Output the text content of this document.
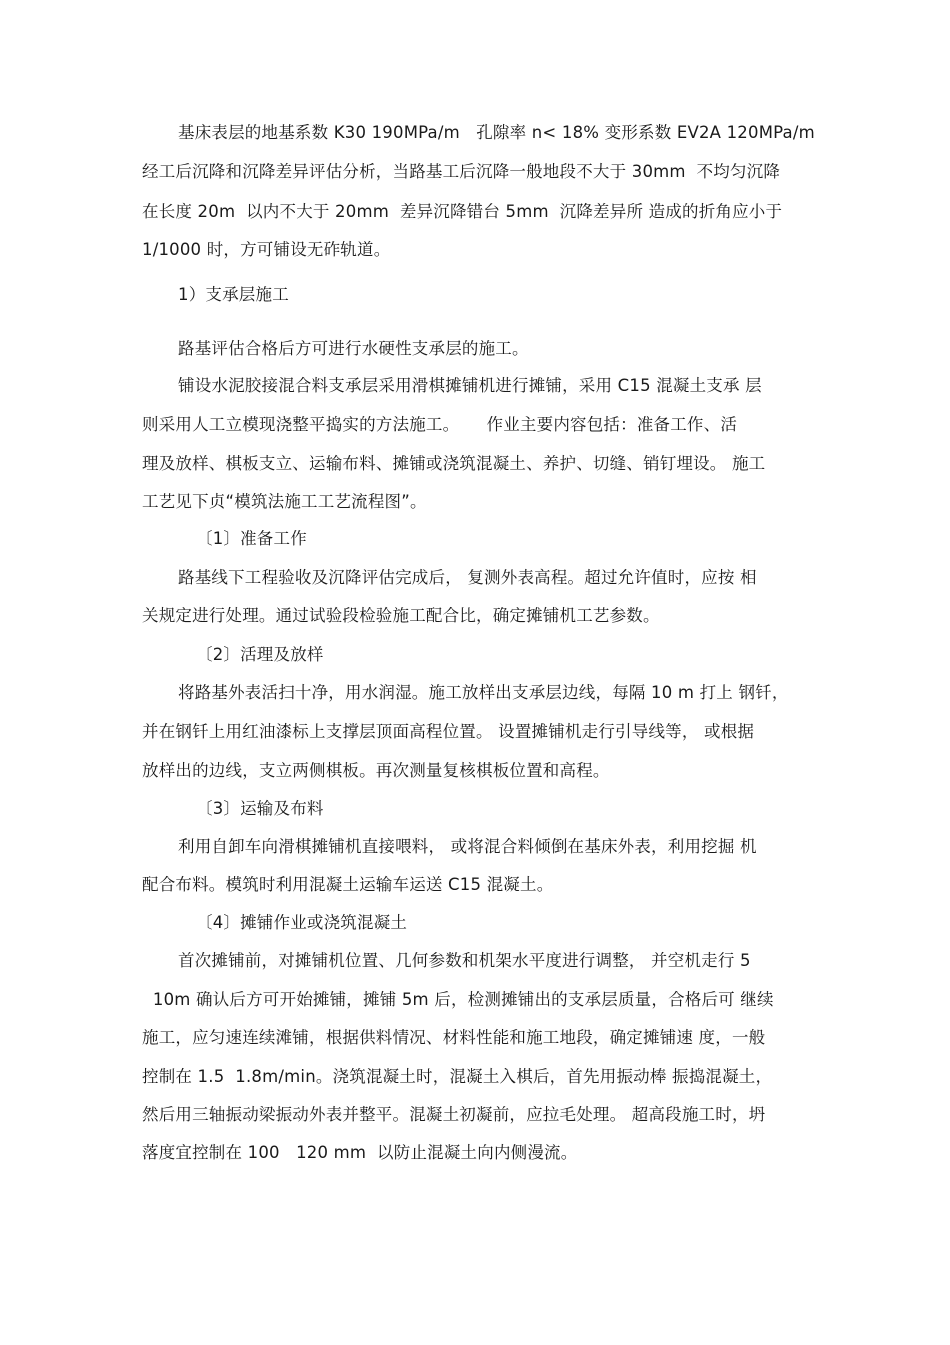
基床表层的地基系数 K30 190MPa/m   孔隙率 n< 18% 变形系数 EV2A 120MPa/m
经工后沉降和沉降差异评估分析，当路基工后沉降一般地段不大于 30mm  不均匀沉降
在长度 20m  以内不大于 20mm  差异沉降错台 5mm  沉降差异所 造成的折角应小于
1/1000 时，方可铺设无砟轨道。
1）支承层施工
路基评估合格后方可进行水硬性支承层的施工。
铺设水泥胶接混合料支承层采用滑棋摊铺机进行摊铺，采用 C15 混凝土支承 层
则采用人工立模现浇整平捣实的方法施工。     作业主要内容包括：准备工作、活
理及放样、棋板支立、运输布料、摊铺或浇筑混凝土、养护、切缝、销钉埋设。 施工
工艺见下贞“模筑法施工工艺流程图”。
〔1〕准备工作
路基线下工程验收及沉降评估完成后， 复测外表高程。超过允许值时，应按 相
关规定进行处理。通过试验段检验施工配合比，确定摊铺机工艺参数。
〔2〕活理及放样
将路基外表活扫十净，用水润湿。施工放样出支承层边线，每隔 10 m 打上 钢钎，
并在钢钎上用红油漆标上支撑层顶面高程位置。 设置摊铺机走行引导线等， 或根据
放样出的边线，支立两侧棋板。再次测量复核棋板位置和高程。
〔3〕运输及布料
利用自卸车向滑棋摊铺机直接喂料， 或将混合料倾倒在基床外表，利用挖掘 机
配合布料。模筑时利用混凝土运输车运送 C15 混凝土。
〔4〕摊铺作业或浇筑混凝土
首次摊铺前，对摊铺机位置、几何参数和机架水平度进行调整， 并空机走行 5
10m 确认后方可开始摊铺，摊铺 5m 后，检测摊铺出的支承层质量，合格后可 继续
施工，应匀速连续滩铺，根据供料情况、材料性能和施工地段，确定摊铺速 度，一般
控制在 1.5  1.8m/min。浇筑混凝土时，混凝土入棋后，首先用振动棒 振捣混凝土，
然后用三轴振动梁振动外表并整平。混凝土初凝前，应拉毛处理。 超高段施工时，坍
落度宜控制在 100   120 mm  以防止混凝土向内侧漫流。
